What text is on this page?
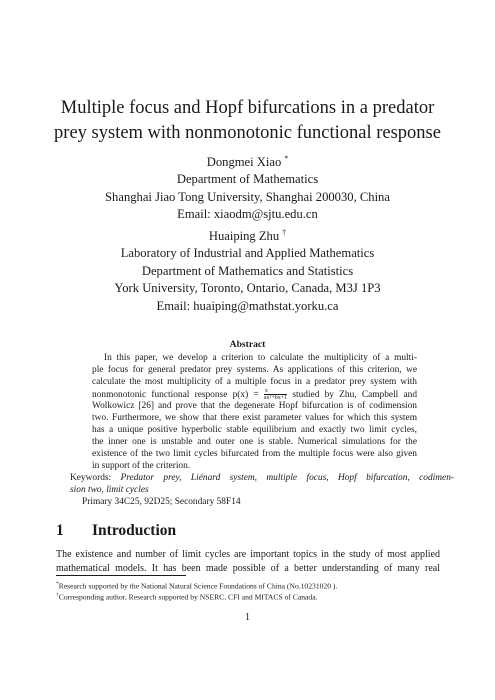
Multiple focus and Hopf bifurcations in a predator
prey system with nonmonotonic functional response
Dongmei Xiao *
Department of Mathematics
Shanghai Jiao Tong University, Shanghai 200030, China
Email: xiaodm@sjtu.edu.cn
Huaiping Zhu †
Laboratory of Industrial and Applied Mathematics
Department of Mathematics and Statistics
York University, Toronto, Ontario, Canada, M3J 1P3
Email: huaiping@mathstat.yorku.ca
Abstract
In this paper, we develop a criterion to calculate the multiplicity of a multi-
ple focus for general predator prey systems. As applications of this criterion, we
calculate the most multiplicity of a multiple focus in a predator prey system with
nonmonotonic functional response $p(x) = \frac{x}{\text{ax²+bx+1}}$ studied by Zhu, Campbell and
Wolkowicz [26] and prove that the degenerate Hopf bifurcation is of codimension
two. Furthermore, we show that there exist parameter values for which this system
has a unique positive hyperbolic stable equilibrium and exactly two limit cycles,
the inner one is unstable and outer one is stable. Numerical simulations for the
existence of the two limit cycles bifurcated from the multiple focus were also given
in support of the criterion.
Keywords: Predator prey, Liénard system, multiple focus, Hopf bifurcation, codimen-
sion two, limit cycles
Primary 34C25, 92D25; Secondary 58F14
1 Introduction
The existence and number of limit cycles are important topics in the study of most applied
mathematical models. It has been made possible of a better understanding of many real
*Research supported by the National Natural Science Foundations of China (No.10231020 ).
†Corresponding author, Research supported by NSERC, CFI and MITACS of Canada.
1
